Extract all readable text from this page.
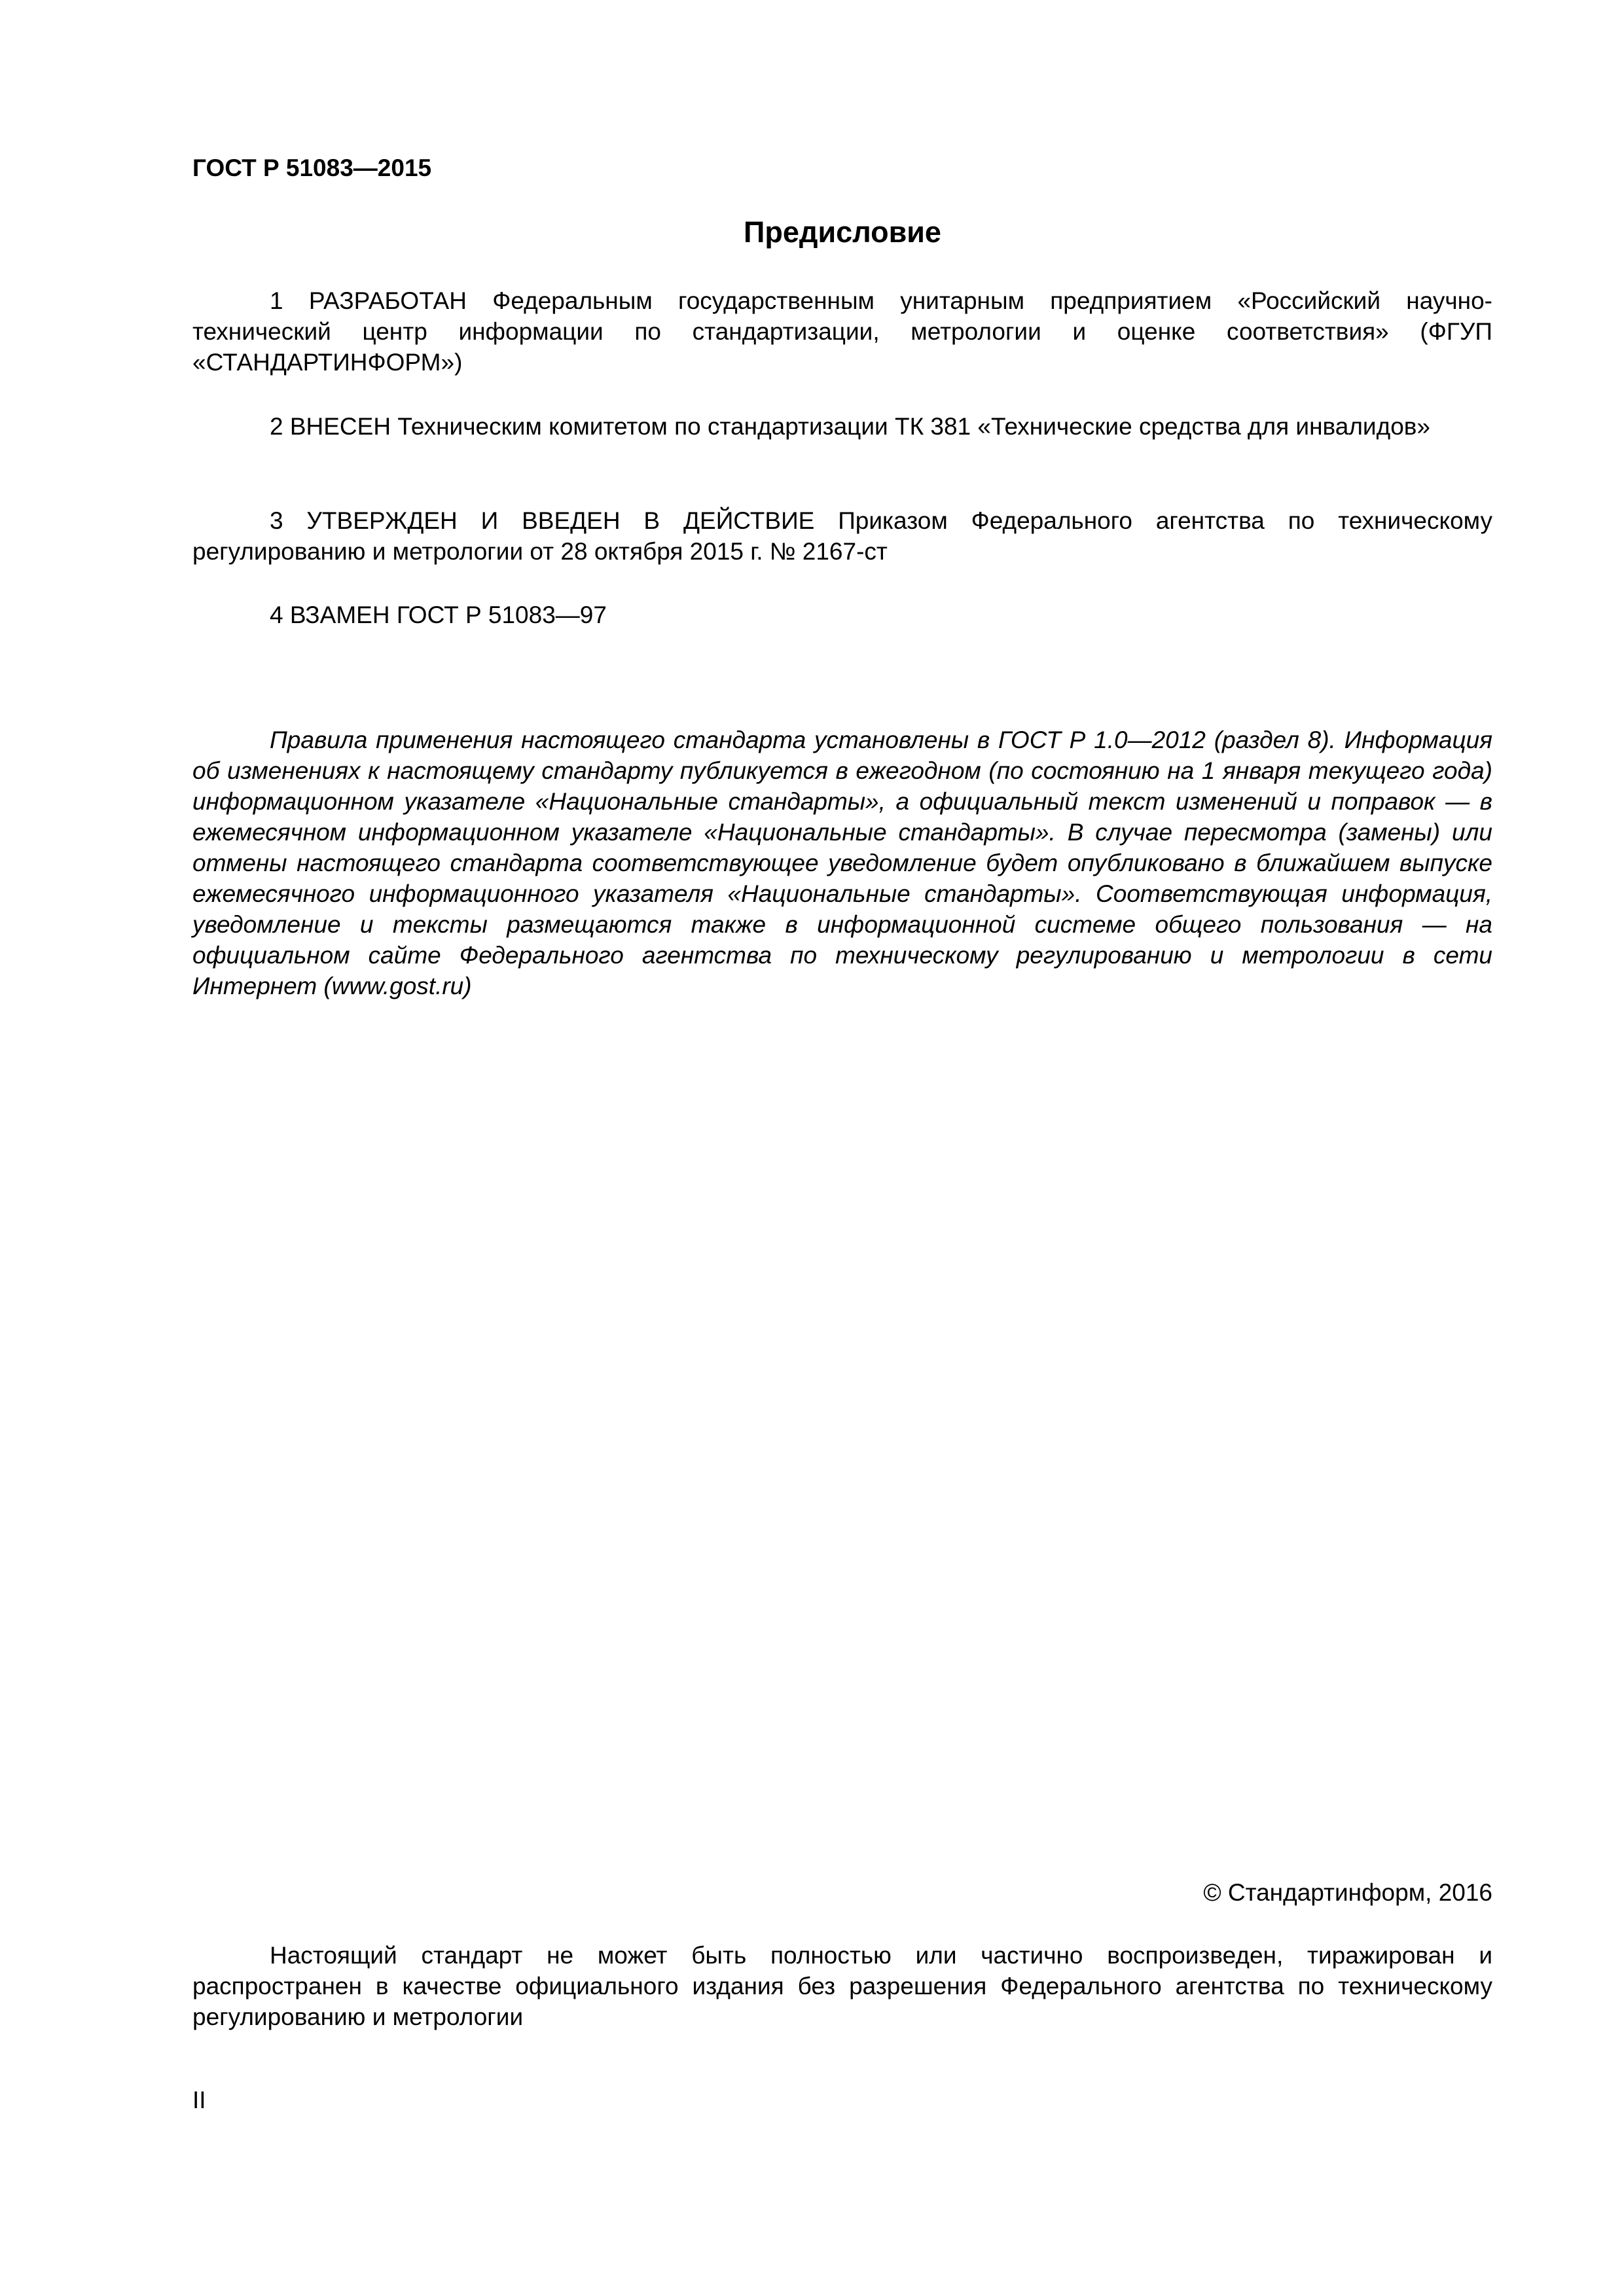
ГОСТ Р 51083—2015
Предисловие

1 РАЗРАБОТАН Федеральным государственным унитарным предприятием «Российский научно-технический центр информации по стандартизации, метрологии и оценке соответствия» (ФГУП «СТАНДАРТИНФОРМ»)

2 ВНЕСЕН Техническим комитетом по стандартизации ТК 381 «Технические средства для инвалидов»

3 УТВЕРЖДЕН И ВВЕДЕН В ДЕЙСТВИЕ Приказом Федерального агентства по техническому регулированию и метрологии от 28 октября 2015 г. № 2167-ст

4 ВЗАМЕН ГОСТ Р 51083—97

Правила применения настоящего стандарта установлены в ГОСТ Р 1.0—2012 (раздел 8). Информация об изменениях к настоящему стандарту публикуется в ежегодном (по состоянию на 1 января текущего года) информационном указателе «Национальные стандарты», а официальный текст изменений и поправок — в ежемесячном информационном указателе «Национальные стандарты». В случае пересмотра (замены) или отмены настоящего стандарта соответствующее уведомление будет опубликовано в ближайшем выпуске ежемесячного информационного указателя «Национальные стандарты». Соответствующая информация, уведомление и тексты размещаются также в информационной системе общего пользования — на официальном сайте Федерального агентства по техническому регулированию и метрологии в сети Интернет (www.gost.ru)

© Стандартинформ, 2016

Настоящий стандарт не может быть полностью или частично воспроизведен, тиражирован и распространен в качестве официального издания без разрешения Федерального агентства по техническому регулированию и метрологии

II
